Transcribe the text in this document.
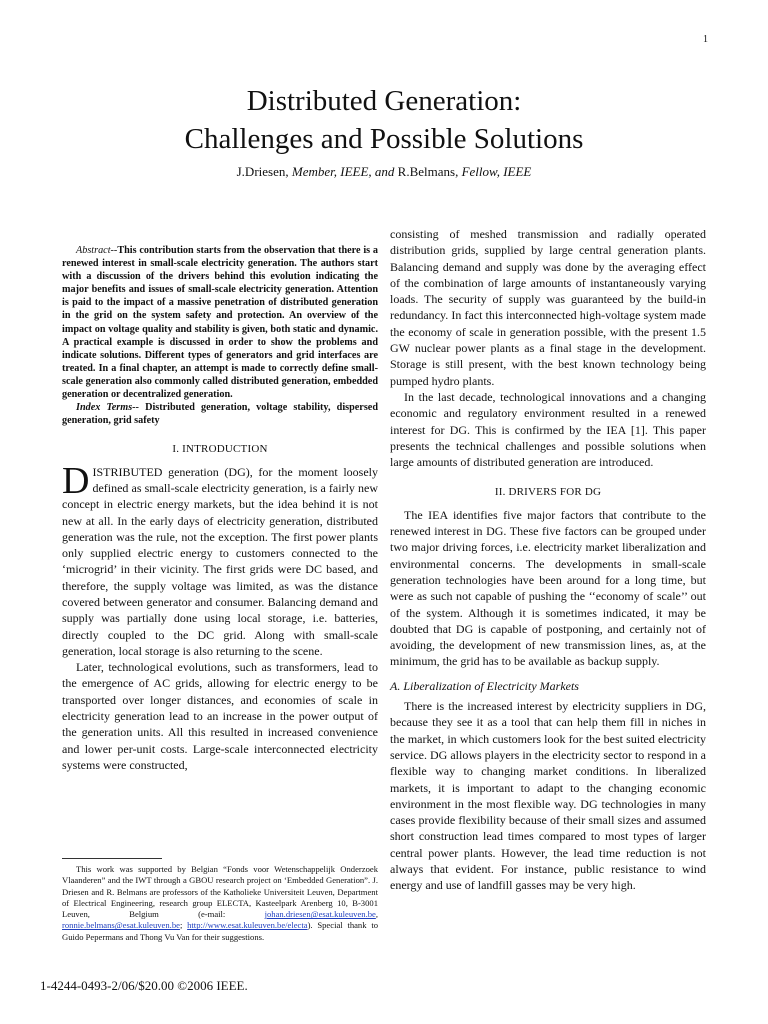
1
Distributed Generation:
Challenges and Possible Solutions
J.Driesen, Member, IEEE, and R.Belmans, Fellow, IEEE

Abstract--This contribution starts from the observation that there is a renewed interest in small-scale electricity generation. The authors start with a discussion of the drivers behind this evolution indicating the major benefits and issues of small-scale electricity generation. Attention is paid to the impact of a massive penetration of distributed generation in the grid on the system safety and protection. An overview of the impact on voltage quality and stability is given, both static and dynamic. A practical example is discussed in order to show the problems and indicate solutions. Different types of generators and grid interfaces are treated. In a final chapter, an attempt is made to correctly define small-scale generation also commonly called distributed generation, embedded generation or decentralized generation.

Index Terms-- Distributed generation, voltage stability, dispersed generation, grid safety

I. INTRODUCTION

DISTRIBUTED generation (DG), for the moment loosely defined as small-scale electricity generation, is a fairly new concept in electric energy markets, but the idea behind it is not new at all. In the early days of electricity generation, distributed generation was the rule, not the exception. The first power plants only supplied electric energy to customers connected to the ‘microgrid’ in their vicinity. The first grids were DC based, and therefore, the supply voltage was limited, as was the distance covered between generator and consumer. Balancing demand and supply was partially done using local storage, i.e. batteries, directly coupled to the DC grid. Along with small-scale generation, local storage is also returning to the scene.

Later, technological evolutions, such as transformers, lead to the emergence of AC grids, allowing for electric energy to be transported over longer distances, and economies of scale in electricity generation lead to an increase in the power output of the generation units. All this resulted in increased convenience and lower per-unit costs. Large-scale interconnected electricity systems were constructed,

consisting of meshed transmission and radially operated distribution grids, supplied by large central generation plants. Balancing demand and supply was done by the averaging effect of the combination of large amounts of instantaneously varying loads. The security of supply was guaranteed by the build-in redundancy. In fact this interconnected high-voltage system made the economy of scale in generation possible, with the present 1.5 GW nuclear power plants as a final stage in the development. Storage is still present, with the best known technology being pumped hydro plants.

In the last decade, technological innovations and a changing economic and regulatory environment resulted in a renewed interest for DG. This is confirmed by the IEA [1]. This paper presents the technical challenges and possible solutions when large amounts of distributed generation are introduced.

II. DRIVERS FOR DG

The IEA identifies five major factors that contribute to the renewed interest in DG. These five factors can be grouped under two major driving forces, i.e. electricity market liberalization and environmental concerns. The developments in small-scale generation technologies have been around for a long time, but were as such not capable of pushing the ‘‘economy of scale’’ out of the system. Although it is sometimes indicated, it may be doubted that DG is capable of postponing, and certainly not of avoiding, the development of new transmission lines, as, at the minimum, the grid has to be available as backup supply.

A. Liberalization of Electricity Markets

There is the increased interest by electricity suppliers in DG, because they see it as a tool that can help them fill in niches in the market, in which customers look for the best suited electricity service. DG allows players in the electricity sector to respond in a flexible way to changing market conditions. In liberalized markets, it is important to adapt to the changing economic environment in the most flexible way. DG technologies in many cases provide flexibility because of their small sizes and assumed short construction lead times compared to most types of larger central power plants. However, the lead time reduction is not always that evident. For instance, public resistance to wind energy and use of landfill gasses may be very high.

This work was supported by Belgian “Fonds voor Wetenschappelijk Onderzoek Vlaanderen” and the IWT through a GBOU research project on ‘Embedded Generation”. J. Driesen and R. Belmans are professors of the Katholieke Universiteit Leuven, Department of Electrical Engineering, research group ELECTA, Kasteelpark Arenberg 10, B-3001 Leuven, Belgium (e-mail: johan.driesen@esat.kuleuven.be, ronnie.belmans@esat.kuleuven.be; http://www.esat.kuleuven.be/electa). Special thank to Guido Pepermans and Thong Vu Van for their suggestions.
1-4244-0493-2/06/$20.00 ©2006 IEEE.
